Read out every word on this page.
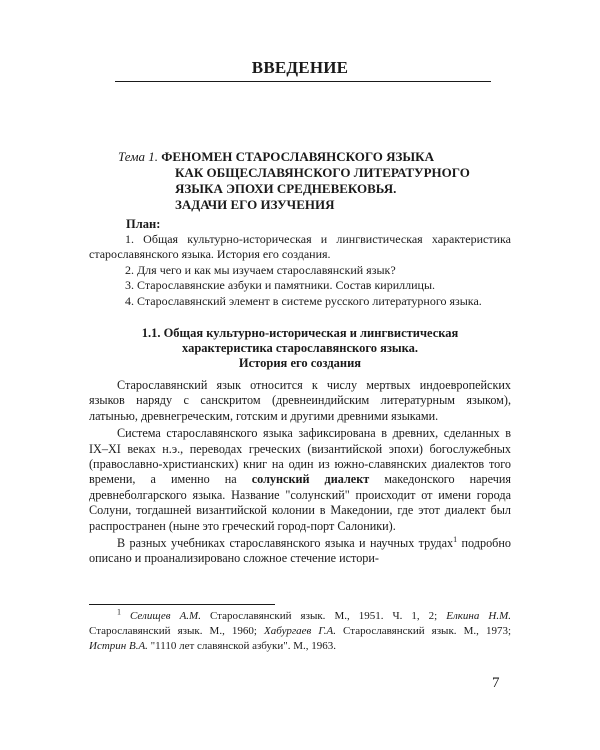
ВВЕДЕНИЕ
Тема 1. ФЕНОМЕН СТАРОСЛАВЯНСКОГО ЯЗЫКА
КАК ОБЩЕСЛАВЯНСКОГО ЛИТЕРАТУРНОГО
ЯЗЫКА ЭПОХИ СРЕДНЕВЕКОВЬЯ.
ЗАДАЧИ ЕГО ИЗУЧЕНИЯ
План:
1. Общая культурно-историческая и лингвистическая характеристика старославянского языка. История его создания.
2. Для чего и как мы изучаем старославянский язык?
3. Старославянские азбуки и памятники. Состав кириллицы.
4. Старославянский элемент в системе русского литературного языка.
1.1. Общая культурно-историческая и лингвистическая
характеристика старославянского языка.
История его создания

Старославянский язык относится к числу мертвых индоевропейских языков наряду с санскритом (древнеиндийским литературным языком), латынью, древнегреческим, готским и другими древними языками.

Система старославянского языка зафиксирована в древних, сделанных в IX–XI веках н.э., переводах греческих (византийской эпохи) богослужебных (православно-христианских) книг на один из южно-славянских диалектов того времени, а именно на солунский диалект македонского наречия древнеболгарского языка. Название "солунский" происходит от имени города Солуни, тогдашней византийской колонии в Македонии, где этот диалект был распространен (ныне это греческий город-порт Салоники).

В разных учебниках старославянского языка и научных трудах$^1$ подробно описано и проанализировано сложное стечение истори-

$^1$ Селищев А.М. Старославянский язык. М., 1951. Ч. 1, 2; Елкина Н.М. Старославянский язык. М., 1960; Хабургаев Г.А. Старославянский язык. М., 1973; Истрин В.А. "1110 лет славянской азбуки". М., 1963.

7
